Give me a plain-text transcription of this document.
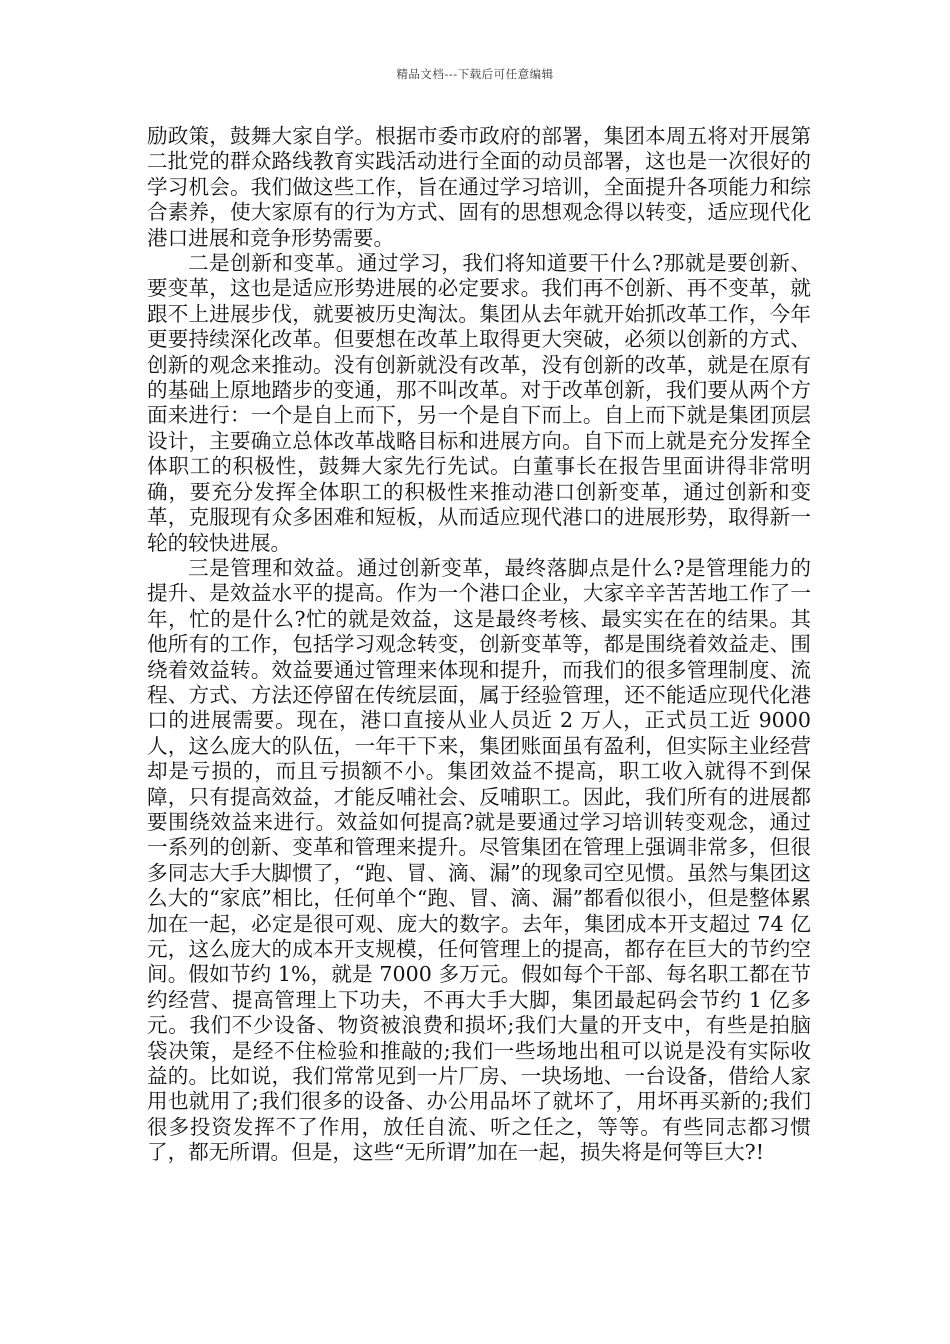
精品文档---下载后可任意编辑

励政策，鼓舞大家自学。根据市委市政府的部署，集团本周五将对开展第二批党的群众路线教育实践活动进行全面的动员部署，这也是一次很好的学习机会。我们做这些工作，旨在通过学习培训，全面提升各项能力和综合素养，使大家原有的行为方式、固有的思想观念得以转变，适应现代化港口进展和竞争形势需要。

二是创新和变革。通过学习，我们将知道要干什么?那就是要创新、要变革，这也是适应形势进展的必定要求。我们再不创新、再不变革，就跟不上进展步伐，就要被历史淘汰。集团从去年就开始抓改革工作，今年更要持续深化改革。但要想在改革上取得更大突破，必须以创新的方式、创新的观念来推动。没有创新就没有改革，没有创新的改革，就是在原有的基础上原地踏步的变通，那不叫改革。对于改革创新，我们要从两个方面来进行：一个是自上而下，另一个是自下而上。自上而下就是集团顶层设计，主要确立总体改革战略目标和进展方向。自下而上就是充分发挥全体职工的积极性，鼓舞大家先行先试。白董事长在报告里面讲得非常明确，要充分发挥全体职工的积极性来推动港口创新变革，通过创新和变革，克服现有众多困难和短板，从而适应现代港口的进展形势，取得新一轮的较快进展。

三是管理和效益。通过创新变革，最终落脚点是什么?是管理能力的提升、是效益水平的提高。作为一个港口企业，大家辛辛苦苦地工作了一年，忙的是什么?忙的就是效益，这是最终考核、最实实在在的结果。其他所有的工作，包括学习观念转变，创新变革等，都是围绕着效益走、围绕着效益转。效益要通过管理来体现和提升，而我们的很多管理制度、流程、方式、方法还停留在传统层面，属于经验管理，还不能适应现代化港口的进展需要。现在，港口直接从业人员近 2 万人，正式员工近 9000 人，这么庞大的队伍，一年干下来，集团账面虽有盈利，但实际主业经营却是亏损的，而且亏损额不小。集团效益不提高，职工收入就得不到保障，只有提高效益，才能反哺社会、反哺职工。因此，我们所有的进展都要围绕效益来进行。效益如何提高?就是要通过学习培训转变观念，通过一系列的创新、变革和管理来提升。尽管集团在管理上强调非常多，但很多同志大手大脚惯了，“跑、冒、滴、漏”的现象司空见惯。虽然与集团这么大的“家底”相比，任何单个“跑、冒、滴、漏”都看似很小，但是整体累加在一起，必定是很可观、庞大的数字。去年，集团成本开支超过 74 亿元，这么庞大的成本开支规模，任何管理上的提高，都存在巨大的节约空间。假如节约 1%，就是 7000 多万元。假如每个干部、每名职工都在节约经营、提高管理上下功夫，不再大手大脚，集团最起码会节约 1 亿多元。我们不少设备、物资被浪费和损坏;我们大量的开支中，有些是拍脑袋决策，是经不住检验和推敲的;我们一些场地出租可以说是没有实际收益的。比如说，我们常常见到一片厂房、一块场地、一台设备，借给人家用也就用了;我们很多的设备、办公用品坏了就坏了，用坏再买新的;我们很多投资发挥不了作用，放任自流、听之任之，等等。有些同志都习惯了，都无所谓。但是，这些“无所谓”加在一起，损失将是何等巨大?!
